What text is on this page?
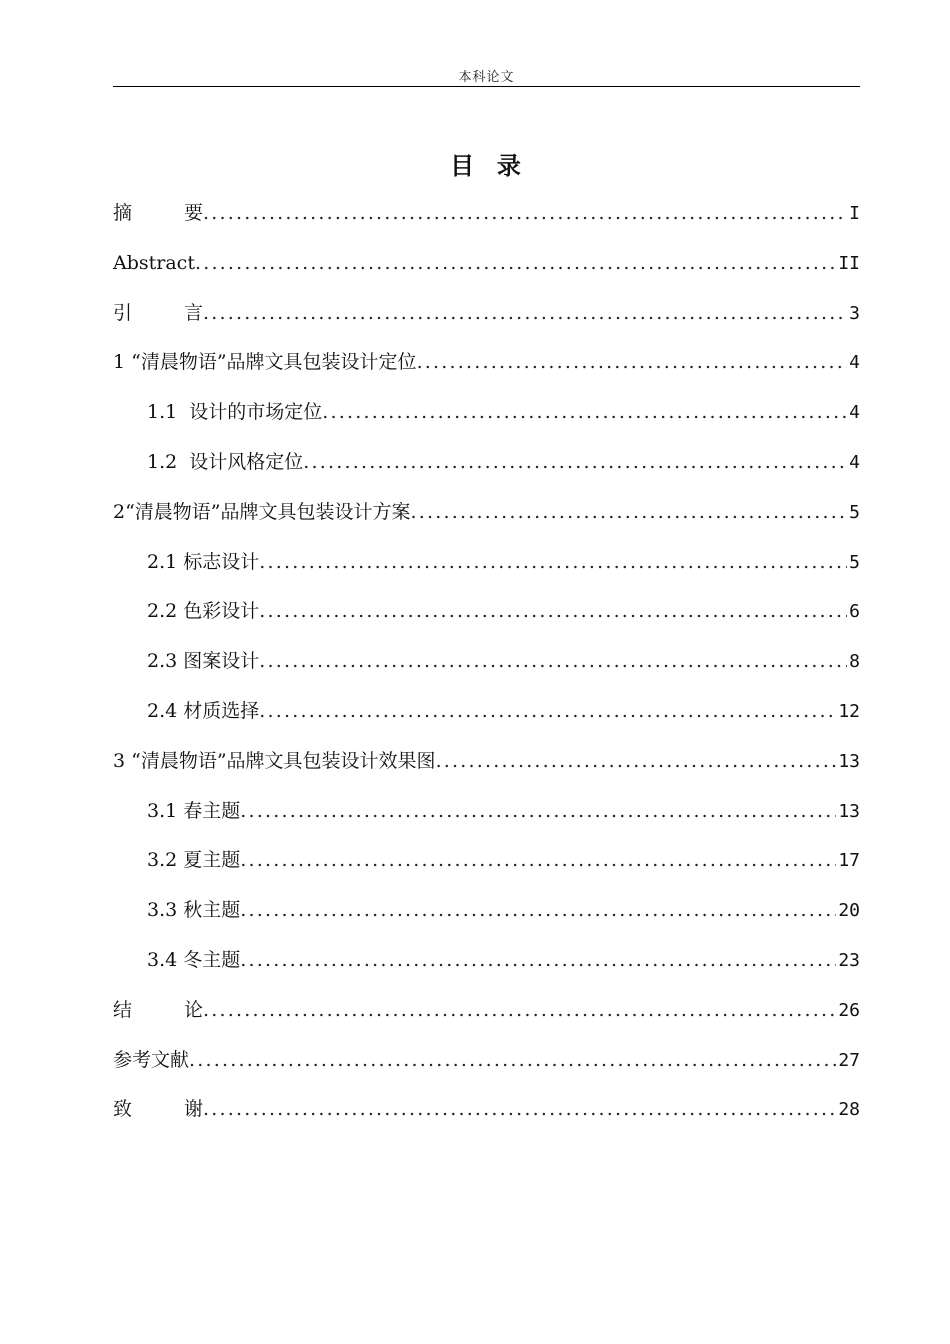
本科论文
目  录
摘	要 .....	I
Abstract .....	II
引	言 .....	3
1 “清晨物语”品牌文具包装设计定位 .....	4
1.1  设计的市场定位 .....	4
1.2  设计风格定位 .....	4
2“清晨物语”品牌文具包装设计方案 .....	5
2.1 标志设计 .....	5
2.2 色彩设计 .....	6
2.3 图案设计 .....	8
2.4 材质选择 .....	12
3 “清晨物语”品牌文具包装设计效果图 .....	13
3.1 春主题 .....	13
3.2 夏主题 .....	17
3.3 秋主题 .....	20
3.4 冬主题 .....	23
结	论 .....	26
参考文献 .....	27
致	谢 .....	28
